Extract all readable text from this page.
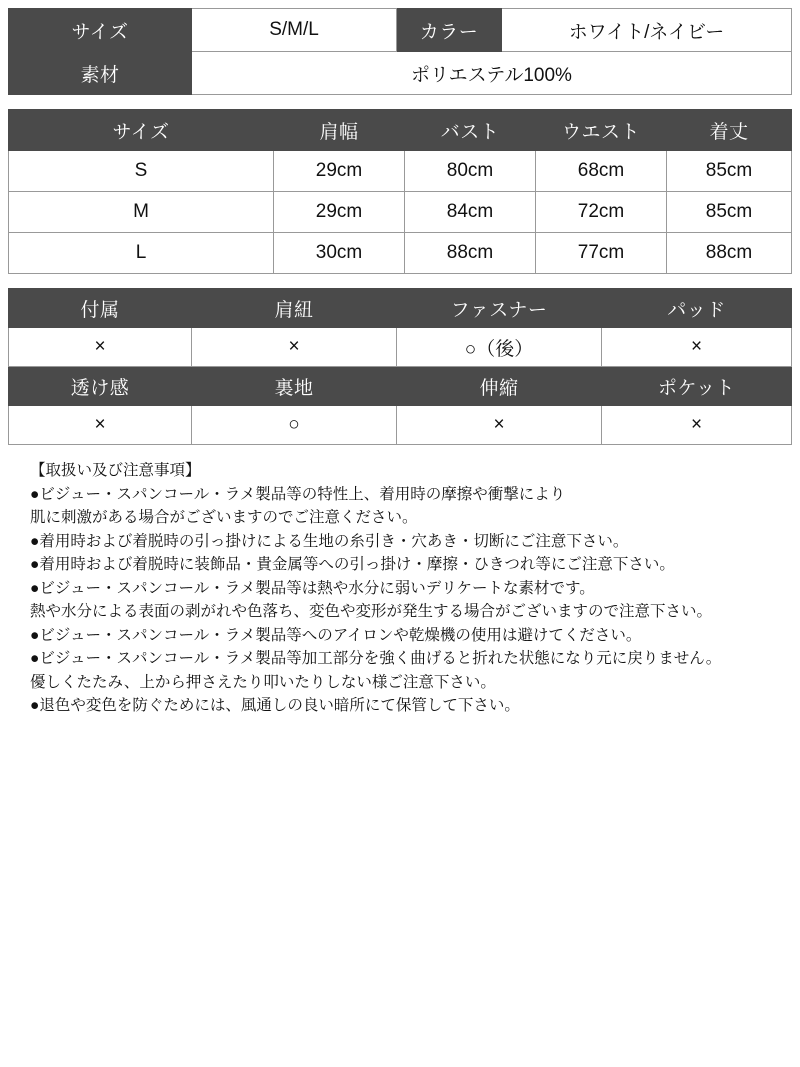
サイズ	S/M/L	カラー	ホワイト/ネイビー
素材	ポリエステル100%		
サイズ	肩幅	バスト	ウエスト	着丈
S	29cm	80cm	68cm	85cm
M	29cm	84cm	72cm	85cm
L	30cm	88cm	77cm	88cm
付属	肩紐	ファスナー	パッド
×	×	○（後）	×
透け感	裏地	伸縮	ポケット
×	○	×	×
【取扱い及び注意事項】
●ビジュー・スパンコール・ラメ製品等の特性上、着用時の摩擦や衝撃により
肌に刺激がある場合がございますのでご注意ください。
●着用時および着脱時の引っ掛けによる生地の糸引き・穴あき・切断にご注意下さい。
●着用時および着脱時に装飾品・貴金属等への引っ掛け・摩擦・ひきつれ等にご注意下さい。
●ビジュー・スパンコール・ラメ製品等は熱や水分に弱いデリケートな素材です。
熱や水分による表面の剥がれや色落ち、変色や変形が発生する場合がございますので注意下さい。
●ビジュー・スパンコール・ラメ製品等へのアイロンや乾燥機の使用は避けてください。
●ビジュー・スパンコール・ラメ製品等加工部分を強く曲げると折れた状態になり元に戻りません。
優しくたたみ、上から押さえたり叩いたりしない様ご注意下さい。
●退色や変色を防ぐためには、風通しの良い暗所にて保管して下さい。
